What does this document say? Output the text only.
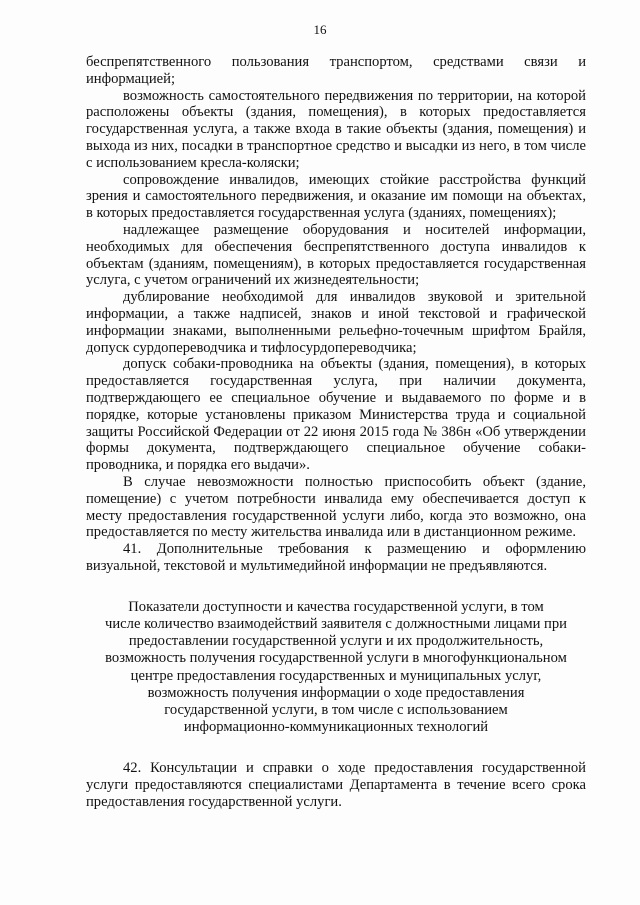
16

беспрепятственного пользования транспортом, средствами связи и информацией;

возможность самостоятельного передвижения по территории, на которой расположены объекты (здания, помещения), в которых предоставляется государственная услуга, а также входа в такие объекты (здания, помещения) и выхода из них, посадки в транспортное средство и высадки из него, в том числе с использованием кресла-коляски;

сопровождение инвалидов, имеющих стойкие расстройства функций зрения и самостоятельного передвижения, и оказание им помощи на объектах, в которых предоставляется государственная услуга (зданиях, помещениях);

надлежащее размещение оборудования и носителей информации, необходимых для обеспечения беспрепятственного доступа инвалидов к объектам (зданиям, помещениям), в которых предоставляется государственная услуга, с учетом ограничений их жизнедеятельности;

дублирование необходимой для инвалидов звуковой и зрительной информации, а также надписей, знаков и иной текстовой и графической информации знаками, выполненными рельефно-точечным шрифтом Брайля, допуск сурдопереводчика и тифлосурдопереводчика;

допуск собаки-проводника на объекты (здания, помещения), в которых предоставляется государственная услуга, при наличии документа, подтверждающего ее специальное обучение и выдаваемого по форме и в порядке, которые установлены приказом Министерства труда и социальной защиты Российской Федерации от 22 июня 2015 года № 386н «Об утверждении формы документа, подтверждающего специальное обучение собаки-проводника, и порядка его выдачи».

В случае невозможности полностью приспособить объект (здание, помещение) с учетом потребности инвалида ему обеспечивается доступ к месту предоставления государственной услуги либо, когда это возможно, она предоставляется по месту жительства инвалида или в дистанционном режиме.

41. Дополнительные требования к размещению и оформлению визуальной, текстовой и мультимедийной информации не предъявляются.

Показатели доступности и качества государственной услуги, в том
числе количество взаимодействий заявителя с должностными лицами при
предоставлении государственной услуги и их продолжительность,
возможность получения государственной услуги в многофункциональном
центре предоставления государственных и муниципальных услуг,
возможность получения информации о ходе предоставления
государственной услуги, в том числе с использованием
информационно-коммуникационных технологий

42. Консультации и справки о ходе предоставления государственной услуги предоставляются специалистами Департамента в течение всего срока предоставления государственной услуги.
